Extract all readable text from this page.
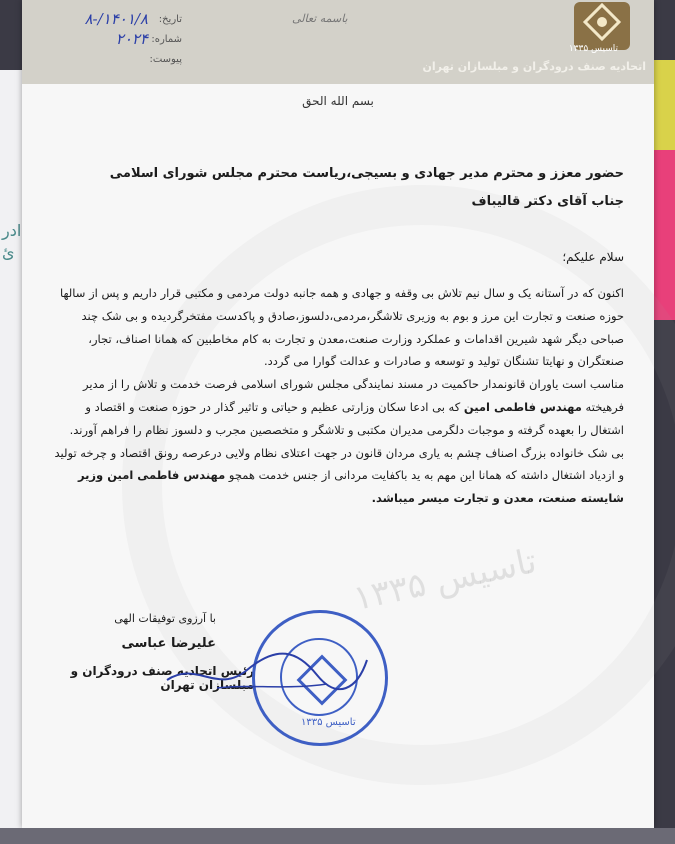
ادر
ئ
تاسیس ۱۳۳۵
اتحادیه صنف درودگران و مبلسازان تهران
باسمه تعالی
تاریخ:
۱۴۰۱/۸/-۸
شماره:
۲۰۲۴
پیوست:
تاسیس ۱۳۳۵
بسم الله الحق
حضور معزز و محترم مدیر جهادی و بسیجی،ریاست محترم مجلس شورای اسلامی
جناب آقای دکتر قالیباف
سلام علیکم؛

اکنون که در آستانه یک و سال نیم تلاش بی وقفه و جهادی و همه جانبه دولت مردمی و مکتبی قرار داریم و پس از سالها حوزه صنعت و تجارت این مرز و بوم به وزیری تلاشگر،مردمی،دلسوز،صادق و پاکدست مفتخرگردیده و بی شک چند صباحی دیگر شهد شیرین اقدامات و عملکرد وزارت صنعت،معدن و تجارت به کام مخاطبین که همانا اصناف، تجار، صنعتگران و نهایتا تشنگان تولید و توسعه و صادرات و عدالت گوارا می گردد.

مناسب است یاوران قانونمدار حاکمیت در مسند نمایندگی مجلس شورای اسلامی فرصت خدمت و تلاش را از مدیر فرهیخته مهندس فاطمی امین که بی ادعا سکان وزارتی عظیم و حیاتی و تاثیر گذار در حوزه صنعت و اقتصاد و اشتغال را بعهده گرفته و موجبات دلگرمی مدیران مکتبی و تلاشگر و متخصصین مجرب و دلسوز نظام را فراهم آورند.

بی شک خانواده بزرگ اصناف چشم به یاری مردان قانون در جهت اعتلای نظام ولایی درعرصه رونق اقتصاد و چرخه تولید و ازدیاد اشتغال داشته که همانا این مهم به ید باکفایت مردانی از جنس خدمت همچو مهندس فاطمی امین وزیر شایسته صنعت، معدن و تجارت میسر میباشد.

با آرزوی توفیقات الهی
علیرضا عباسی
رئیس اتحادیه صنف درودگران و مبلسازان تهران
تاسیس ۱۳۳۵
